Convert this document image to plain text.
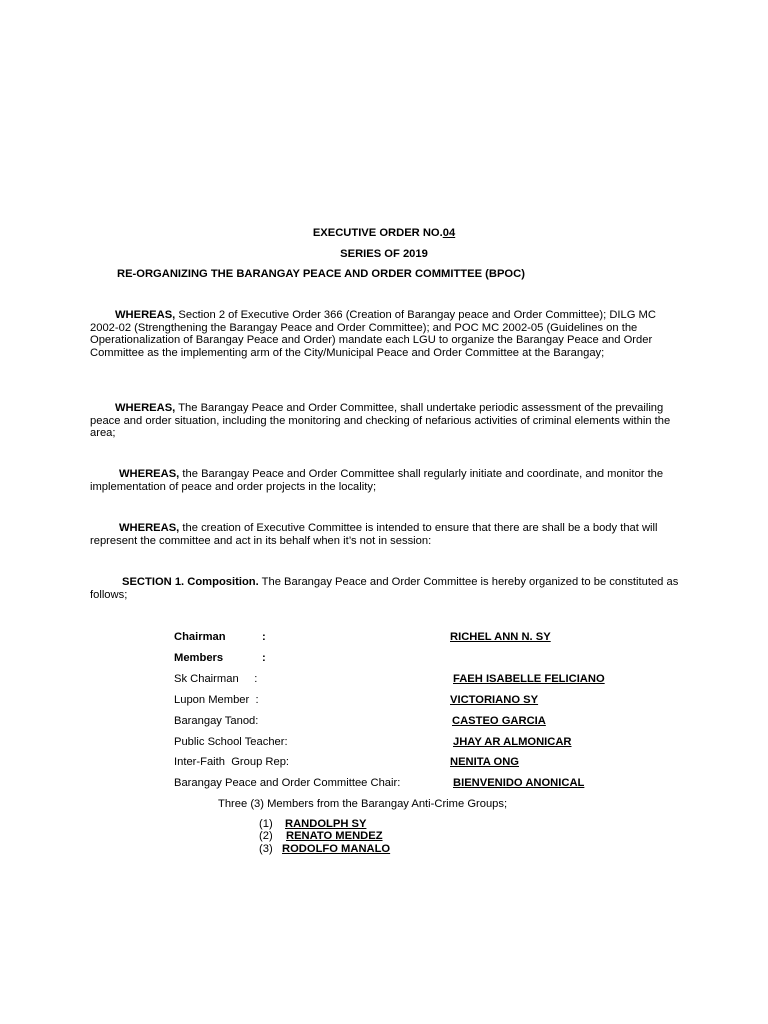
EXECUTIVE ORDER NO.04
SERIES OF 2019
RE-ORGANIZING THE BARANGAY PEACE AND ORDER COMMITTEE (BPOC)
WHEREAS, Section 2 of Executive Order 366 (Creation of Barangay peace and Order Committee); DILG MC 2002-02 (Strengthening the Barangay Peace and Order Committee); and POC MC 2002-05 (Guidelines on the Operationalization of Barangay Peace and Order) mandate each LGU to organize the Barangay Peace and Order Committee as the implementing arm of the City/Municipal Peace and Order Committee at the Barangay;
WHEREAS, The Barangay Peace and Order Committee, shall undertake periodic assessment of the prevailing peace and order situation, including the monitoring and checking of nefarious activities of criminal elements within the area;
WHEREAS, the Barangay Peace and Order Committee shall regularly initiate and coordinate, and monitor the implementation of peace and order projects in the locality;
WHEREAS, the creation of Executive Committee is intended to ensure that there are shall be a body that will represent the committee and act in its behalf when it’s not in session:
SECTION 1. Composition. The Barangay Peace and Order Committee is hereby organized to be constituted as follows;
Chairman	:	RICHEL ANN N. SY
Members	:
Sk Chairman     :	FAEH ISABELLE FELICIANO
Lupon Member  :	VICTORIANO SY
Barangay Tanod:	CASTEO GARCIA
Public School Teacher:	JHAY AR ALMONICAR
Inter-Faith  Group Rep:	NENITA ONG
Barangay Peace and Order Committee Chair:	BIENVENIDO ANONICAL
Three (3) Members from the Barangay Anti-Crime Groups;
(1) RANDOLPH SY
(2) RENATO MENDEZ
(3) RODOLFO MANALO
